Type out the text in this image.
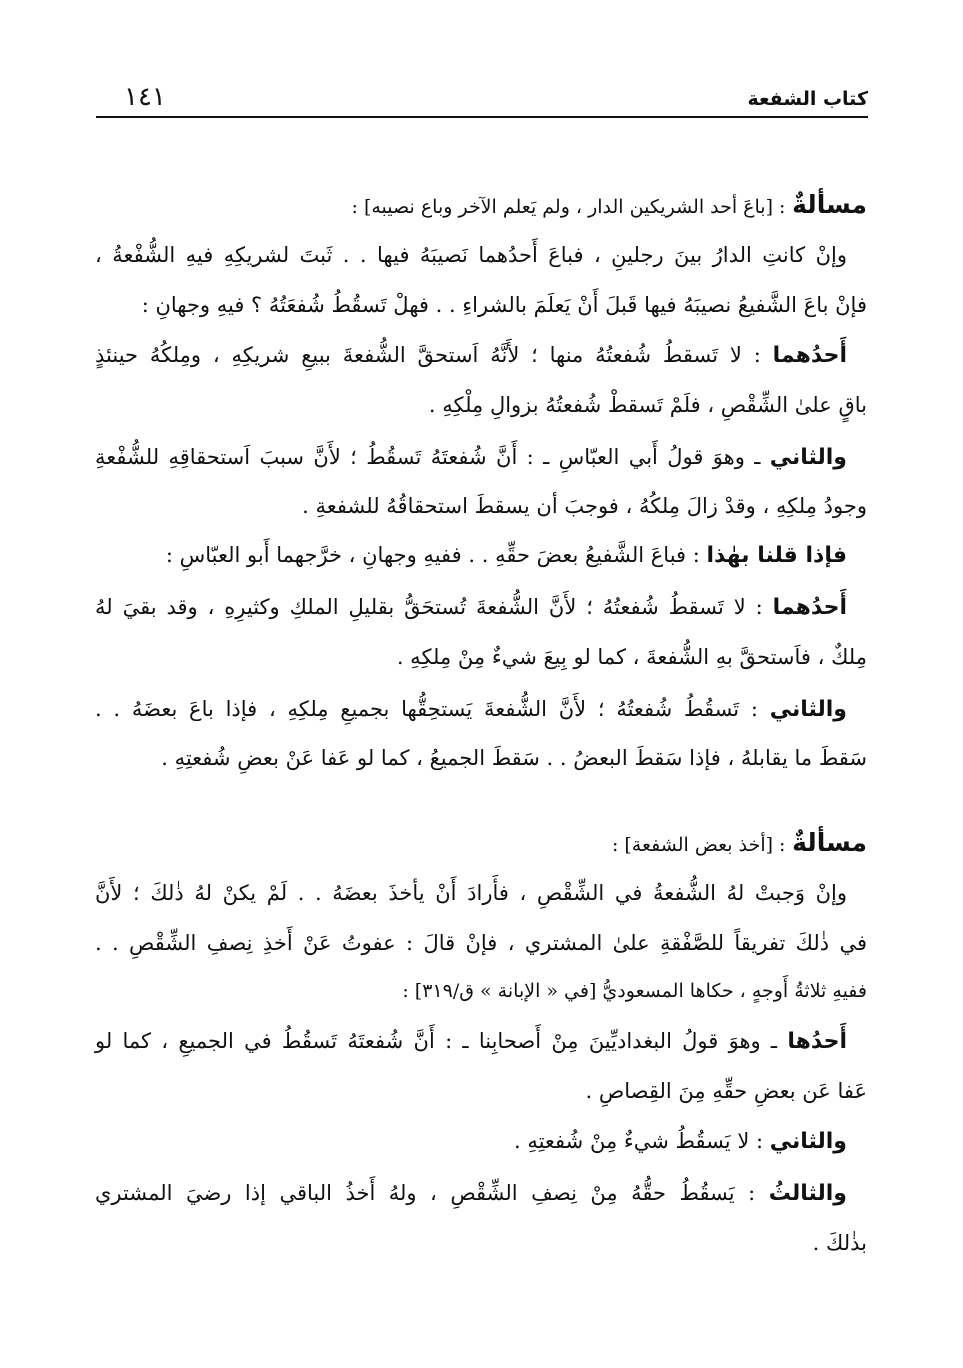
كتاب الشفعة
١٤١
مسألةٌ : [باعَ أحد الشريكين الدار ، ولم يَعلم الآخر وباع نصيبه] :
وإنْ كانتِ الدارُ بينَ رجلينِ ، فباعَ أَحدُهما نَصيبَهُ فيها . . ثَبتَ لشريكِهِ فيهِ الشُّفْعةُ ،
فإنْ باعَ الشَّفيعُ نصيبَهُ فيها قَبلَ أَنْ يَعلَمَ بالشراءِ . . فهلْ تَسقُطُ شُفعَتُهُ ؟ فيهِ وجهانِ :
أَحدُهما : لا تَسقطُ شُفعتُهُ منها ؛ لأَنَّهُ اَستحقَّ الشُّفعةَ ببيعِ شريكِهِ ، ومِلكُهُ حينئذٍ
باقٍ علىٰ الشِّقْصِ ، فلَمْ تَسقطْ شُفعتُهُ بزوالِ مِلْكِهِ .
والثاني ـ وهوَ قولُ أَبي العبّاسِ ـ : أَنَّ شُفعتَهُ تَسقُطُ ؛ لأَنَّ سببَ اَستحقاقِهِ للشُّفْعةِ
وجودُ مِلكِهِ ، وقدْ زالَ مِلكُهُ ، فوجبَ أن يسقطَ استحقاقُهُ للشفعةِ .
فإذا قلنا بهٰذا : فباعَ الشَّفيعُ بعضَ حقِّهِ . . ففيهِ وجهانِ ، خرَّجهما أَبو العبّاسِ :
أَحدُهما : لا تَسقطُ شُفعتُهُ ؛ لأَنَّ الشُّفعةَ تُستحَقُّ بقليلِ الملكِ وكثيرِهِ ، وقد بقيَ لهُ
مِلكٌ ، فاَستحقَّ بهِ الشُّفعةَ ، كما لو بِيعَ شيءٌ مِنْ مِلكِهِ .
والثاني : تَسقُطُ شُفعتُهُ ؛ لأَنَّ الشُّفعةَ يَستحِقُّها بجميعِ مِلكِهِ ، فإذا باعَ بعضَهُ . .
سَقطَ ما يقابلهُ ، فإذا سَقطَ البعضُ . . سَقطَ الجميعُ ، كما لو عَفا عَنْ بعضِ شُفعتِهِ .
مسألةٌ : [أخذ بعض الشفعة] :
وإنْ وَجبتْ لهُ الشُّفعةُ في الشِّقْصِ ، فأَرادَ أَنْ يأخذَ بعضَهُ . . لَمْ يكنْ لهُ ذٰلكَ ؛ لأَنَّ
في ذٰلكَ تفريقاً للصَّفْقةِ علىٰ المشتري ، فإنْ قالَ : عفوتُ عَنْ أَخذِ نِصفِ الشِّقْصِ . .
ففيهِ ثلاثةُ أَوجهٍ ، حكاها المسعوديُّ [في « الإبانة » ق/٣١٩] :
أَحدُها ـ وهوَ قولُ البغداديِّينَ مِنْ أَصحابِنا ـ : أَنَّ شُفعتَهُ تَسقُطُ في الجميعِ ، كما لو
عَفا عَن بعضِ حقِّهِ مِنَ القِصاصِ .
والثاني : لا يَسقُطُ شيءٌ مِنْ شُفعتِهِ .
والثالثُ : يَسقُطُ حقُّهُ مِنْ نِصفِ الشِّقْصِ ، ولهُ أَخذُ الباقي إذا رضيَ المشتري
بذٰلكَ .
